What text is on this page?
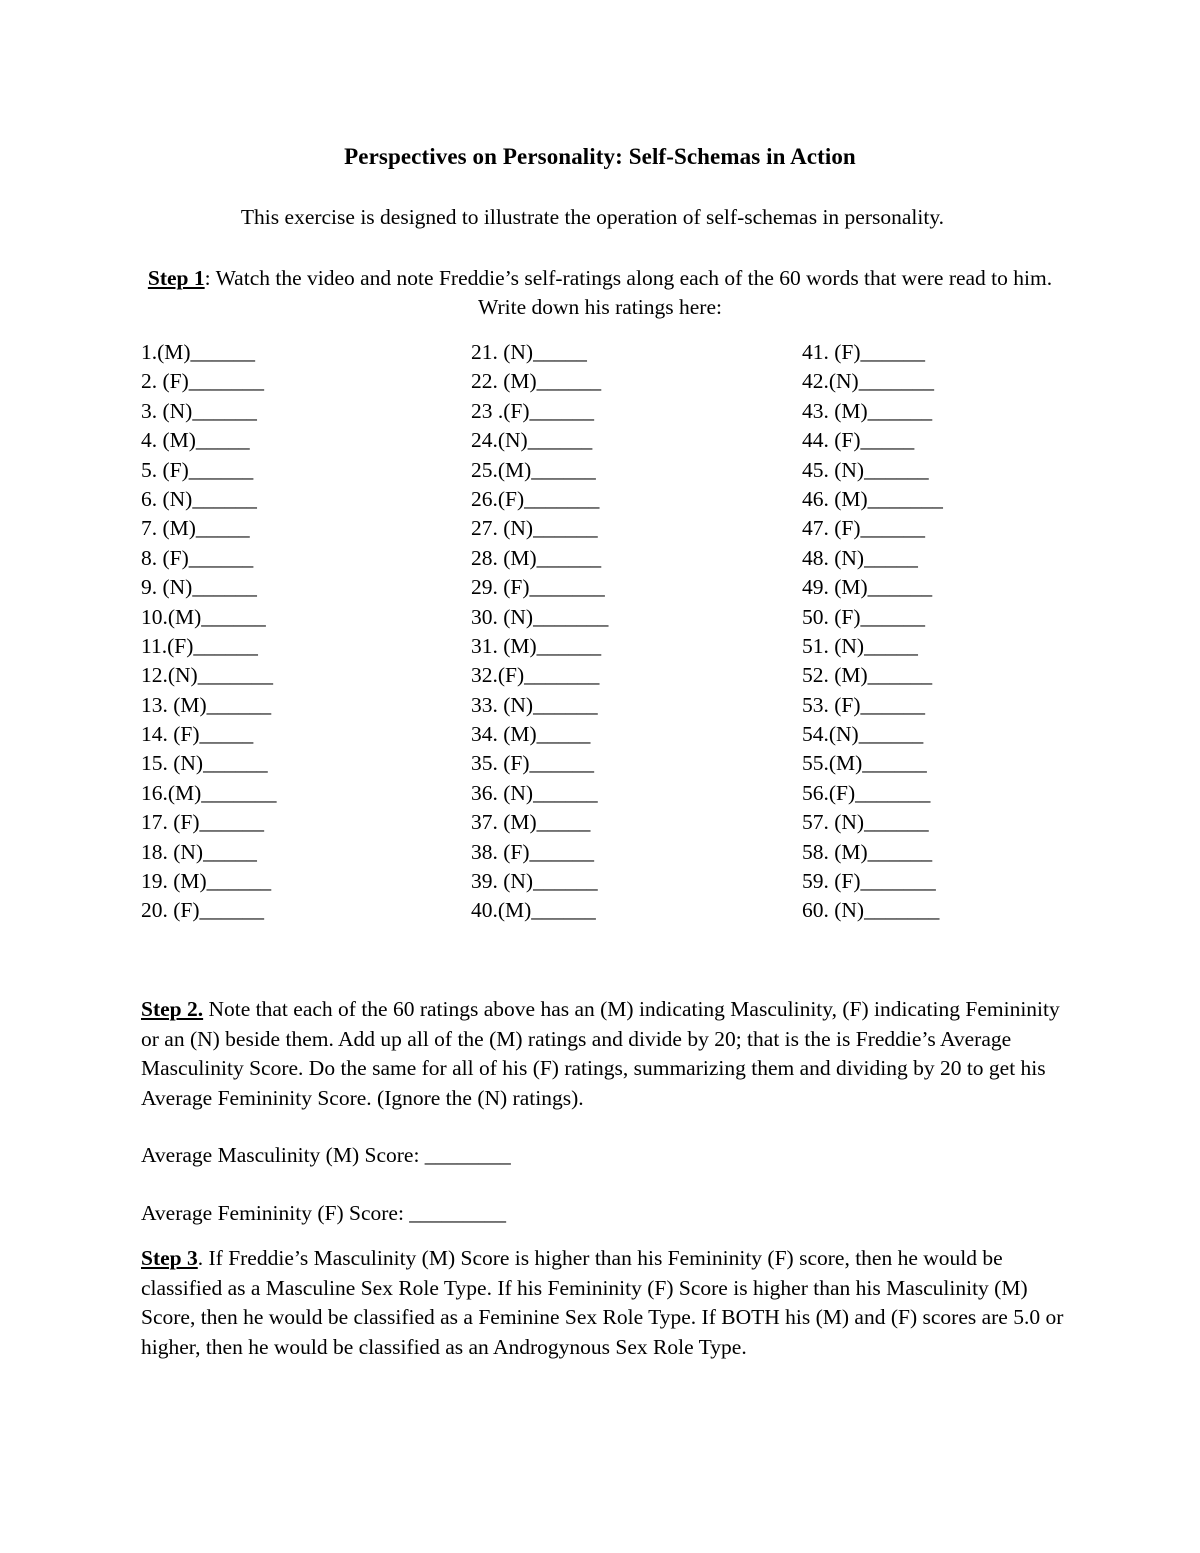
Perspectives on Personality: Self-Schemas in Action
This exercise is designed to illustrate the operation of self-schemas in personality.
Step 1: Watch the video and note Freddie’s self-ratings along each of the 60 words that were read to him. Write down his ratings here:
1.(M)______
2. (F)_______
3. (N)______
4. (M)_____
5. (F)______
6. (N)______
7. (M)_____
8. (F)______
9. (N)______
10.(M)______
11.(F)______
12.(N)_______
13. (M)______
14. (F)_____
15. (N)______
16.(M)_______
17. (F)______
18. (N)_____
19. (M)______
20. (F)______
21. (N)_____
22. (M)______
23 .(F)______
24.(N)______
25.(M)______
26.(F)_______
27. (N)______
28. (M)______
29. (F)_______
30. (N)_______
31. (M)______
32.(F)_______
33. (N)______
34. (M)_____
35. (F)______
36. (N)______
37. (M)_____
38. (F)______
39. (N)______
40.(M)______
41. (F)______
42.(N)_______
43. (M)______
44. (F)_____
45. (N)______
46. (M)_______
47. (F)______
48. (N)_____
49. (M)______
50. (F)______
51. (N)_____
52. (M)______
53. (F)______
54.(N)______
55.(M)______
56.(F)_______
57. (N)______
58. (M)______
59. (F)_______
60. (N)_______
Step 2. Note that each of the 60 ratings above has an (M) indicating Masculinity, (F) indicating Femininity or an (N) beside them. Add up all of the (M) ratings and divide by 20; that is the is Freddie’s Average Masculinity Score. Do the same for all of his (F) ratings, summarizing them and dividing by 20 to get his Average Femininity Score. (Ignore the (N) ratings).
Average Masculinity (M) Score: ________
Average Femininity (F) Score: _________
Step 3. If Freddie’s Masculinity (M) Score is higher than his Femininity (F) score, then he would be classified as a Masculine Sex Role Type. If his Femininity (F) Score is higher than his Masculinity (M) Score, then he would be classified as a Feminine Sex Role Type. If BOTH his (M) and (F) scores are 5.0 or higher, then he would be classified as an Androgynous Sex Role Type.
